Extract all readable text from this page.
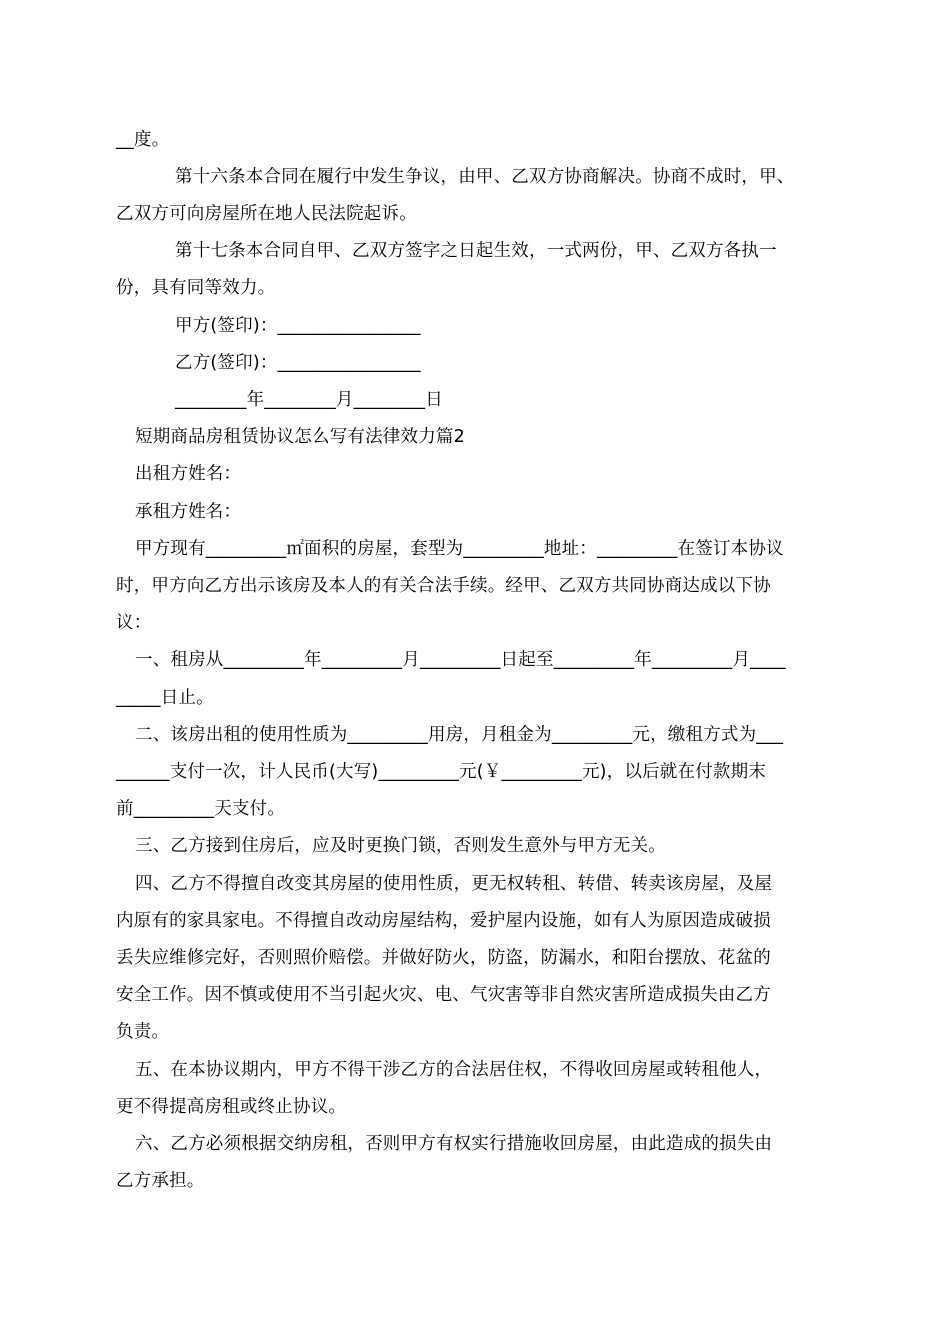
__度。
第十六条本合同在履行中发生争议，由甲、乙双方协商解决。协商不成时，甲、
乙双方可向房屋所在地人民法院起诉。
第十七条本合同自甲、乙双方签字之日起生效，一式两份，甲、乙双方各执一
份，具有同等效力。
甲方(签印)：________________
乙方(签印)：________________
________年________月________日
短期商品房租赁协议怎么写有法律效力篇2
出租方姓名：
承租方姓名：
甲方现有_________㎡面积的房屋，套型为_________地址：_________在签订本协议
时，甲方向乙方出示该房及本人的有关合法手续。经甲、乙双方共同协商达成以下协
议：
一、租房从_________年_________月_________日起至_________年_________月____
_____日止。
二、该房出租的使用性质为_________用房，月租金为_________元，缴租方式为___
______支付一次，计人民币(大写)_________元(￥_________元)，以后就在付款期末
前_________天支付。
三、乙方接到住房后，应及时更换门锁，否则发生意外与甲方无关。
四、乙方不得擅自改变其房屋的使用性质，更无权转租、转借、转卖该房屋，及屋
内原有的家具家电。不得擅自改动房屋结构，爱护屋内设施，如有人为原因造成破损
丢失应维修完好，否则照价赔偿。并做好防火，防盗，防漏水，和阳台摆放、花盆的
安全工作。因不慎或使用不当引起火灾、电、气灾害等非自然灾害所造成损失由乙方
负责。
五、在本协议期内，甲方不得干涉乙方的合法居住权，不得收回房屋或转租他人，
更不得提高房租或终止协议。
六、乙方必须根据交纳房租，否则甲方有权实行措施收回房屋，由此造成的损失由
乙方承担。
